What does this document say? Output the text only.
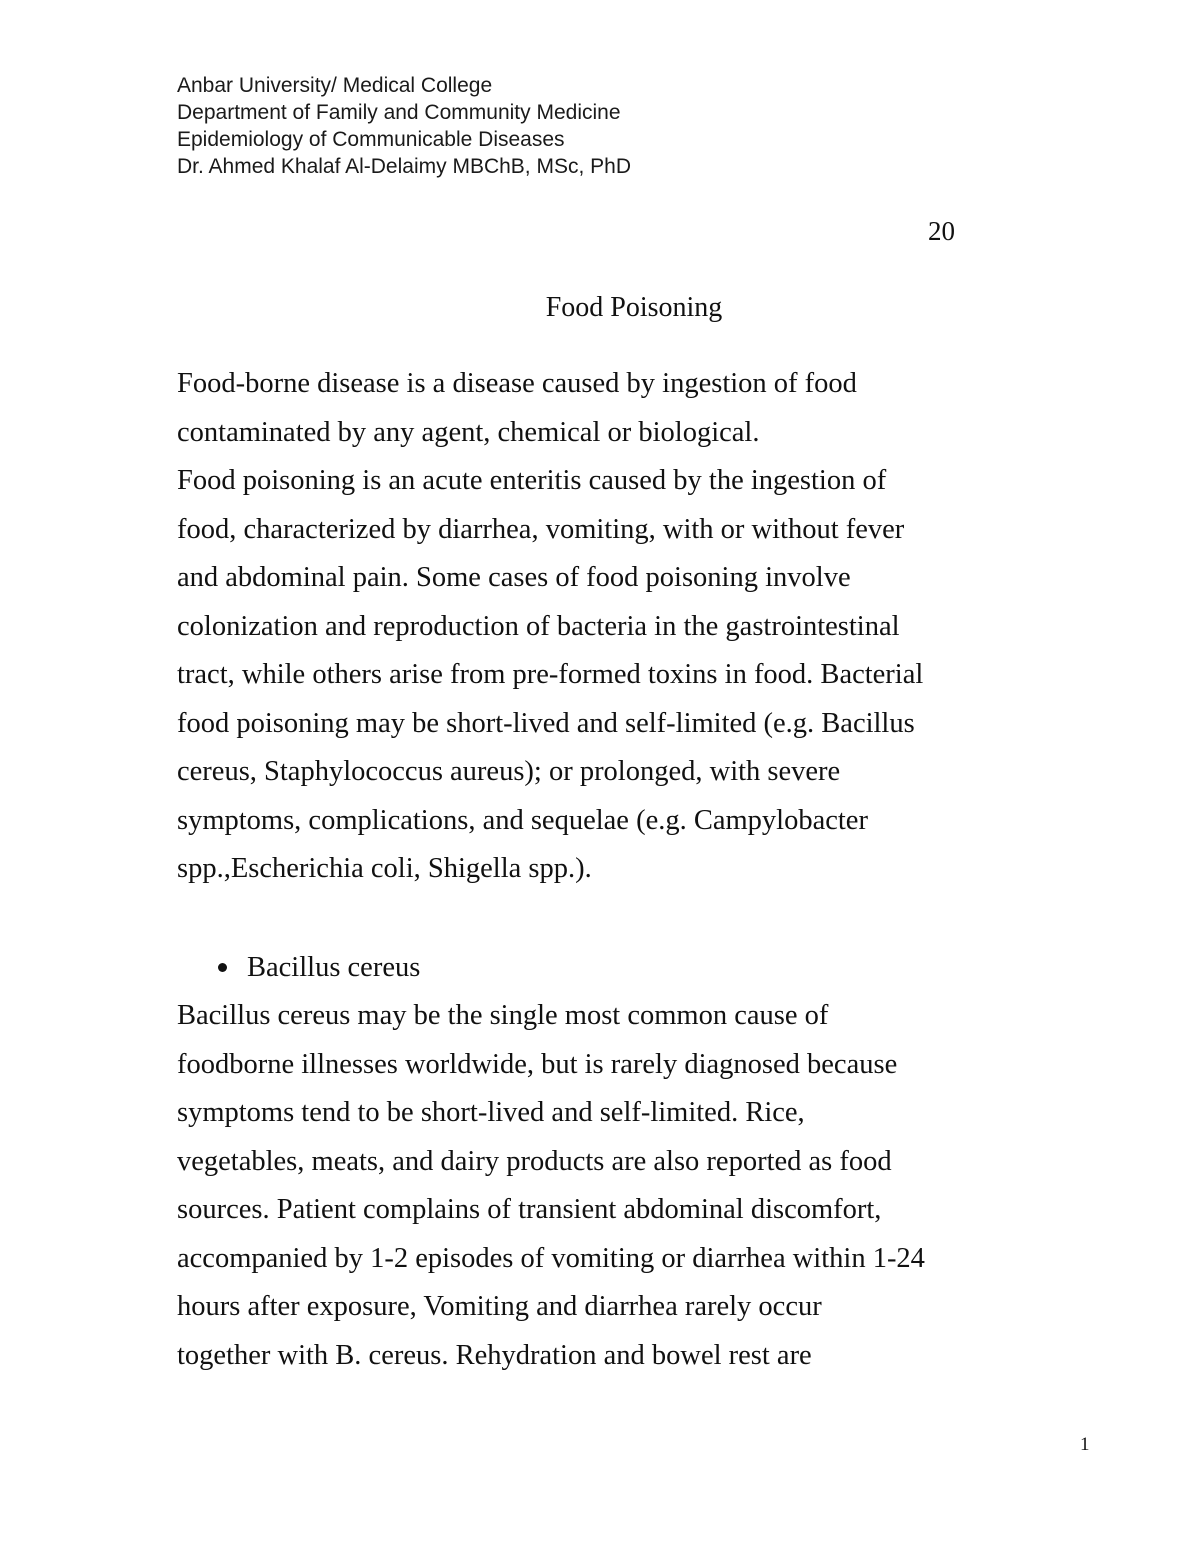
Anbar University/ Medical College
Department of Family and Community Medicine
Epidemiology of Communicable Diseases
Dr. Ahmed Khalaf Al-Delaimy MBChB, MSc, PhD
20
Food Poisoning
Food-borne disease is a disease caused by ingestion of food
contaminated by any agent, chemical or biological.
Food poisoning is an acute enteritis caused by the ingestion of
food, characterized by diarrhea, vomiting, with or without fever
and abdominal pain. Some cases of food poisoning involve
colonization and reproduction of bacteria in the gastrointestinal
tract, while others arise from pre-formed toxins in food. Bacterial
food poisoning may be short-lived and self-limited (e.g. Bacillus
cereus, Staphylococcus aureus); or prolonged, with severe
symptoms, complications, and sequelae (e.g. Campylobacter
spp.,Escherichia coli, Shigella spp.).
Bacillus cereus
Bacillus cereus may be the single most common cause of
foodborne illnesses worldwide, but is rarely diagnosed because
symptoms tend to be short-lived and self-limited. Rice,
vegetables, meats, and dairy products are also reported as food
sources. Patient complains of transient abdominal discomfort,
accompanied by 1-2 episodes of vomiting or diarrhea within 1-24
hours after exposure, Vomiting and diarrhea rarely occur
together with B. cereus. Rehydration and bowel rest are
1
